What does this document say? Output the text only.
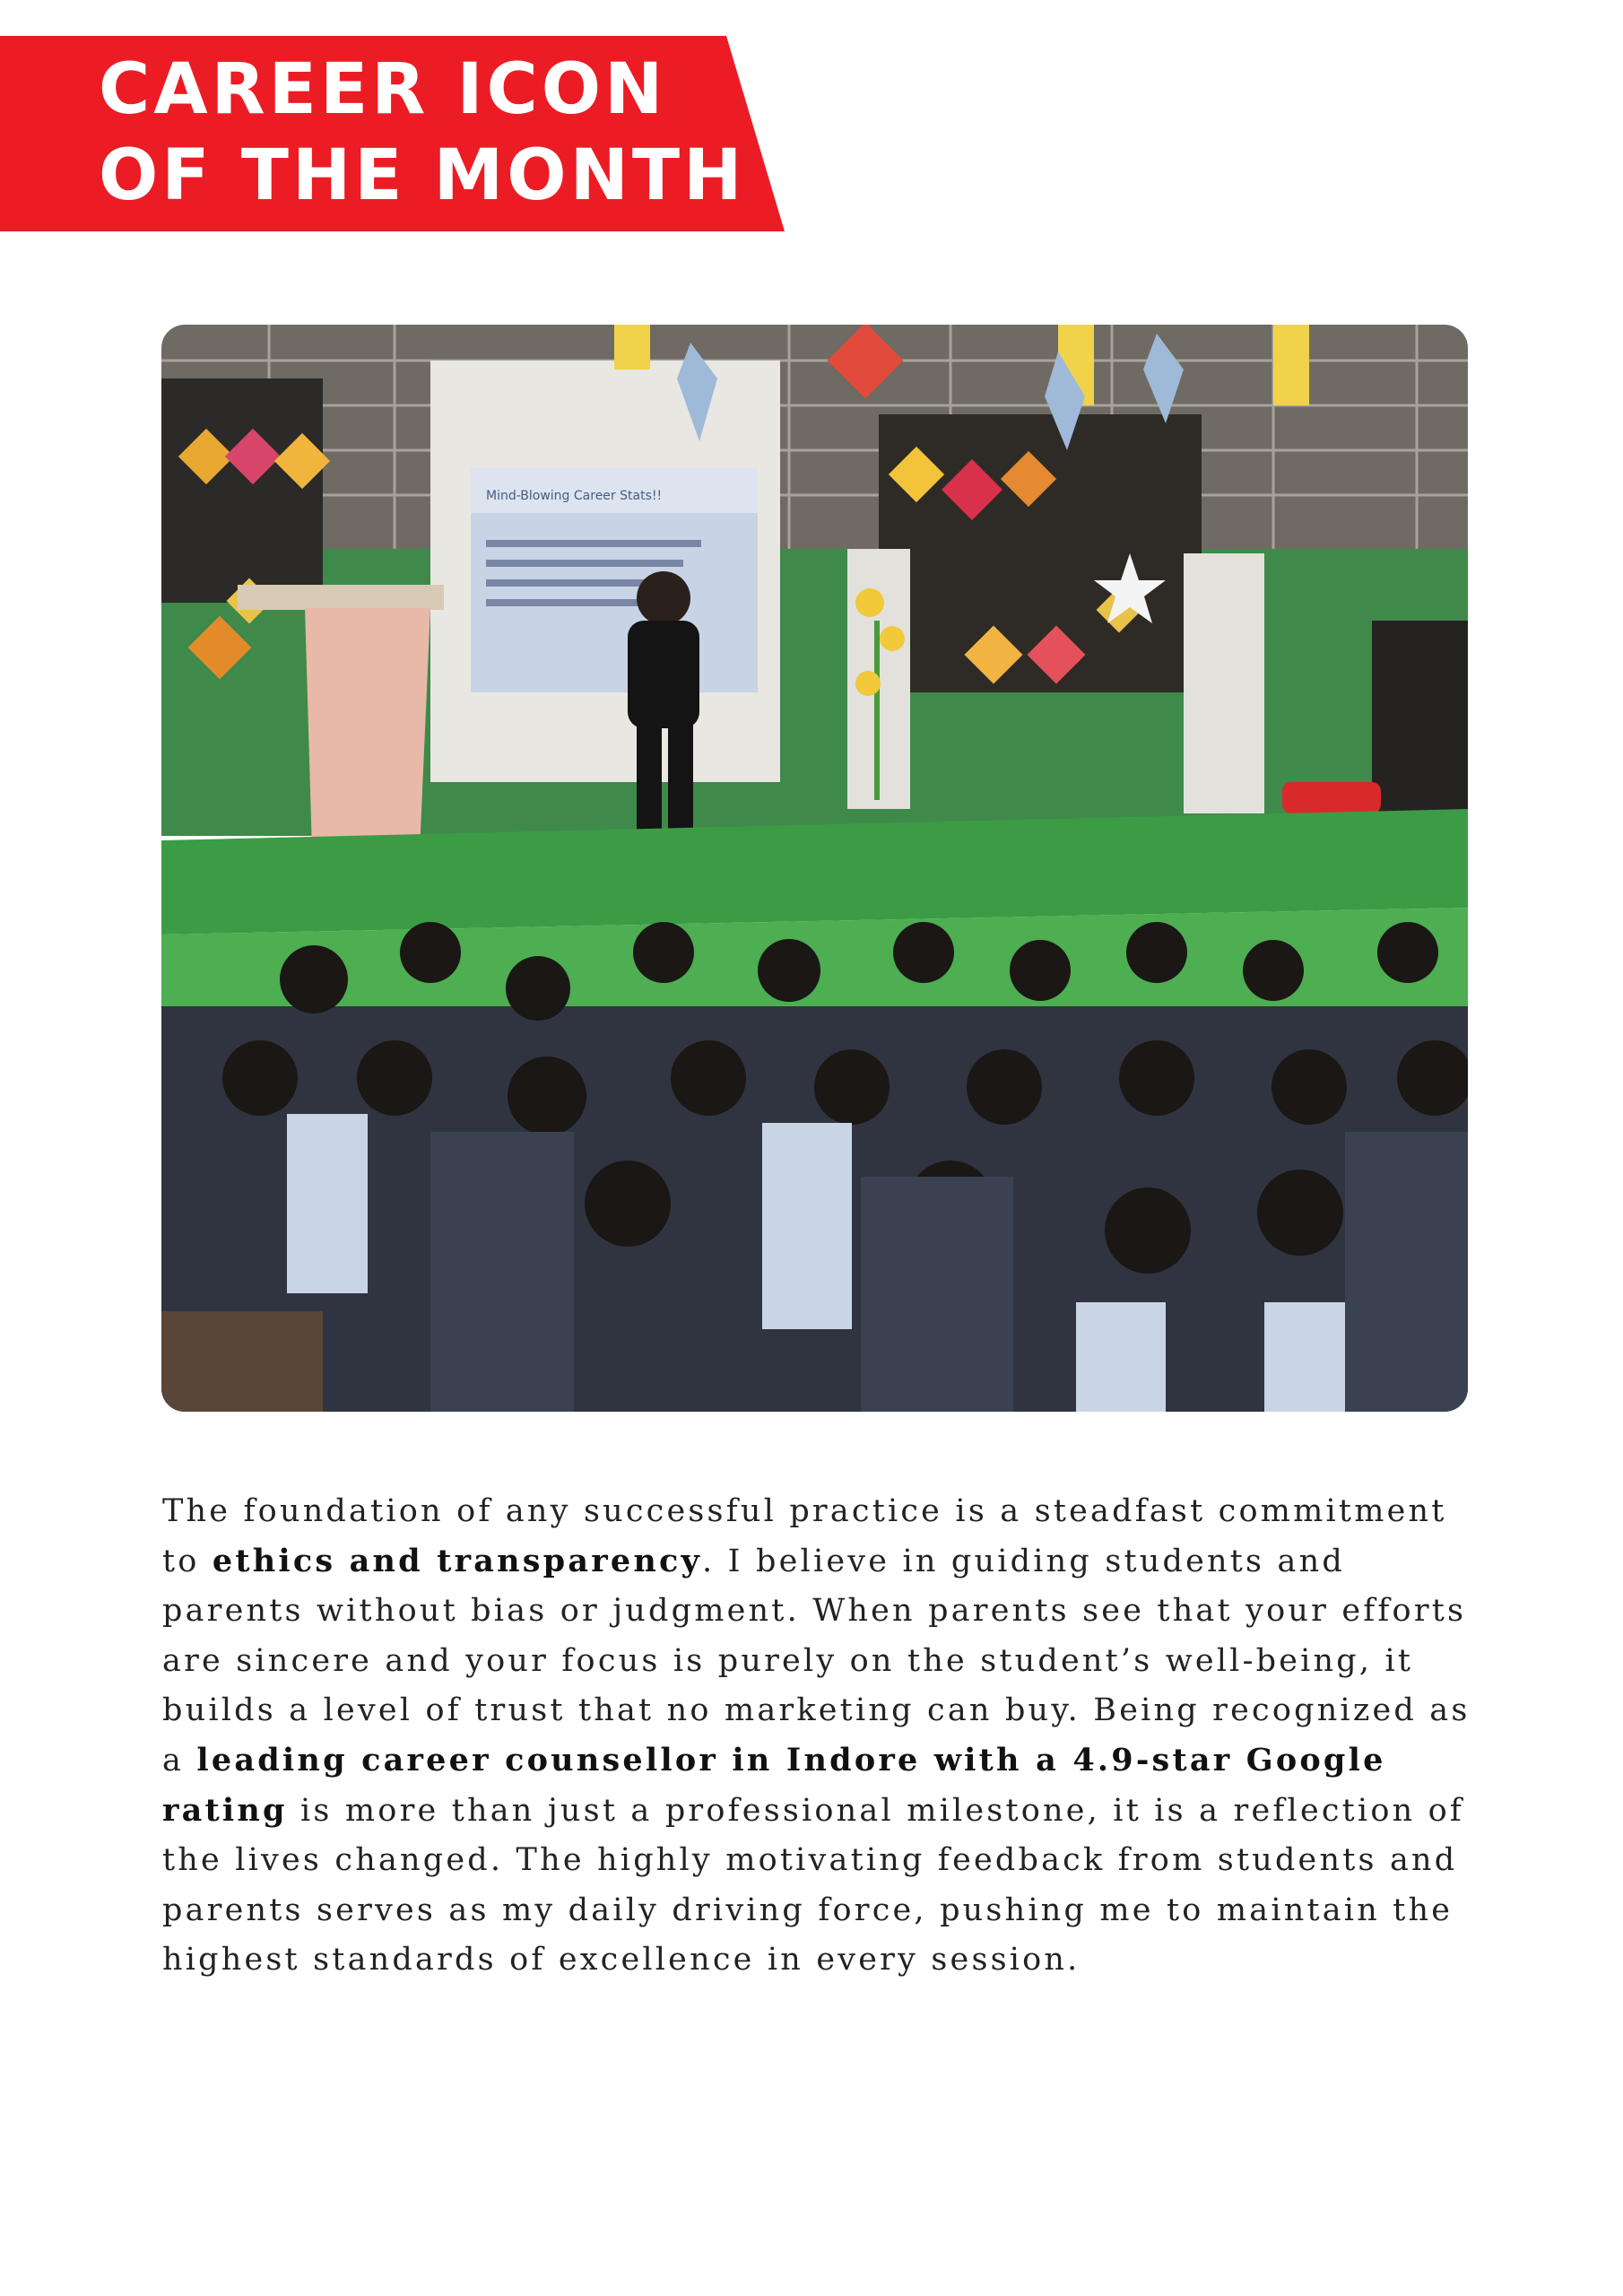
CAREER ICON
OF THE MONTH
Mind-Blowing Career Stats!!

The foundation of any successful practice is a steadfast commitment to ethics and transparency. I believe in guiding students and parents without bias or judgment. When parents see that your efforts are sincere and your focus is purely on the student’s well-being, it builds a level of trust that no marketing can buy. Being recognized as a leading career counsellor in Indore with a 4.9-star Google rating is more than just a professional milestone, it is a reflection of the lives changed. The highly motivating feedback from students and parents serves as my daily driving force, pushing me to maintain the highest standards of excellence in every session.
